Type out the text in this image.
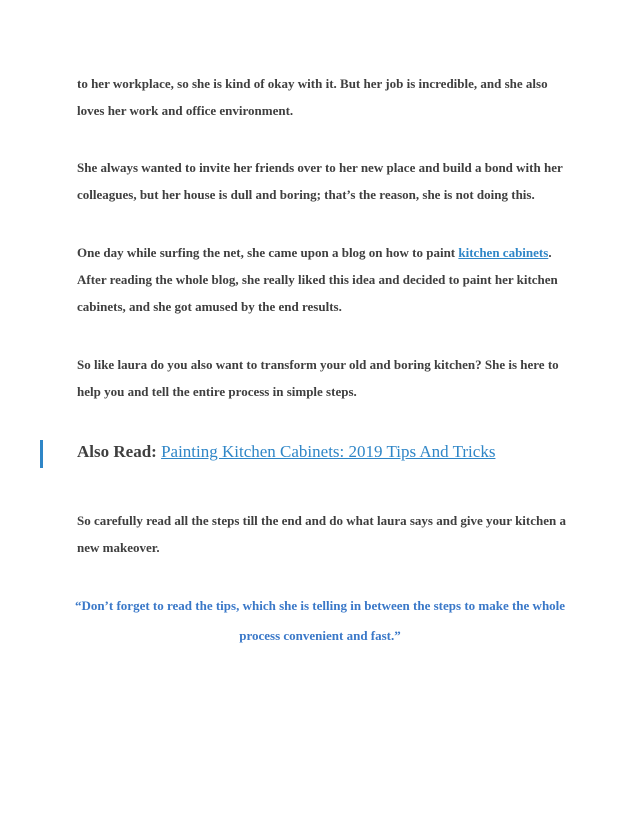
to her workplace, so she is kind of okay with it. But her job is incredible, and she also loves her work and office environment.

She always wanted to invite her friends over to her new place and build a bond with her colleagues, but her house is dull and boring; that’s the reason, she is not doing this.

One day while surfing the net, she came upon a blog on how to paint kitchen cabinets. After reading the whole blog, she really liked this idea and decided to paint her kitchen cabinets, and she got amused by the end results.

So like laura do you also want to transform your old and boring kitchen? She is here to help you and tell the entire process in simple steps.

Also Read: Painting Kitchen Cabinets: 2019 Tips And Tricks

So carefully read all the steps till the end and do what laura says and give your kitchen a new makeover.

“Don’t forget to read the tips, which she is telling in between the steps to make the whole process convenient and fast.”
